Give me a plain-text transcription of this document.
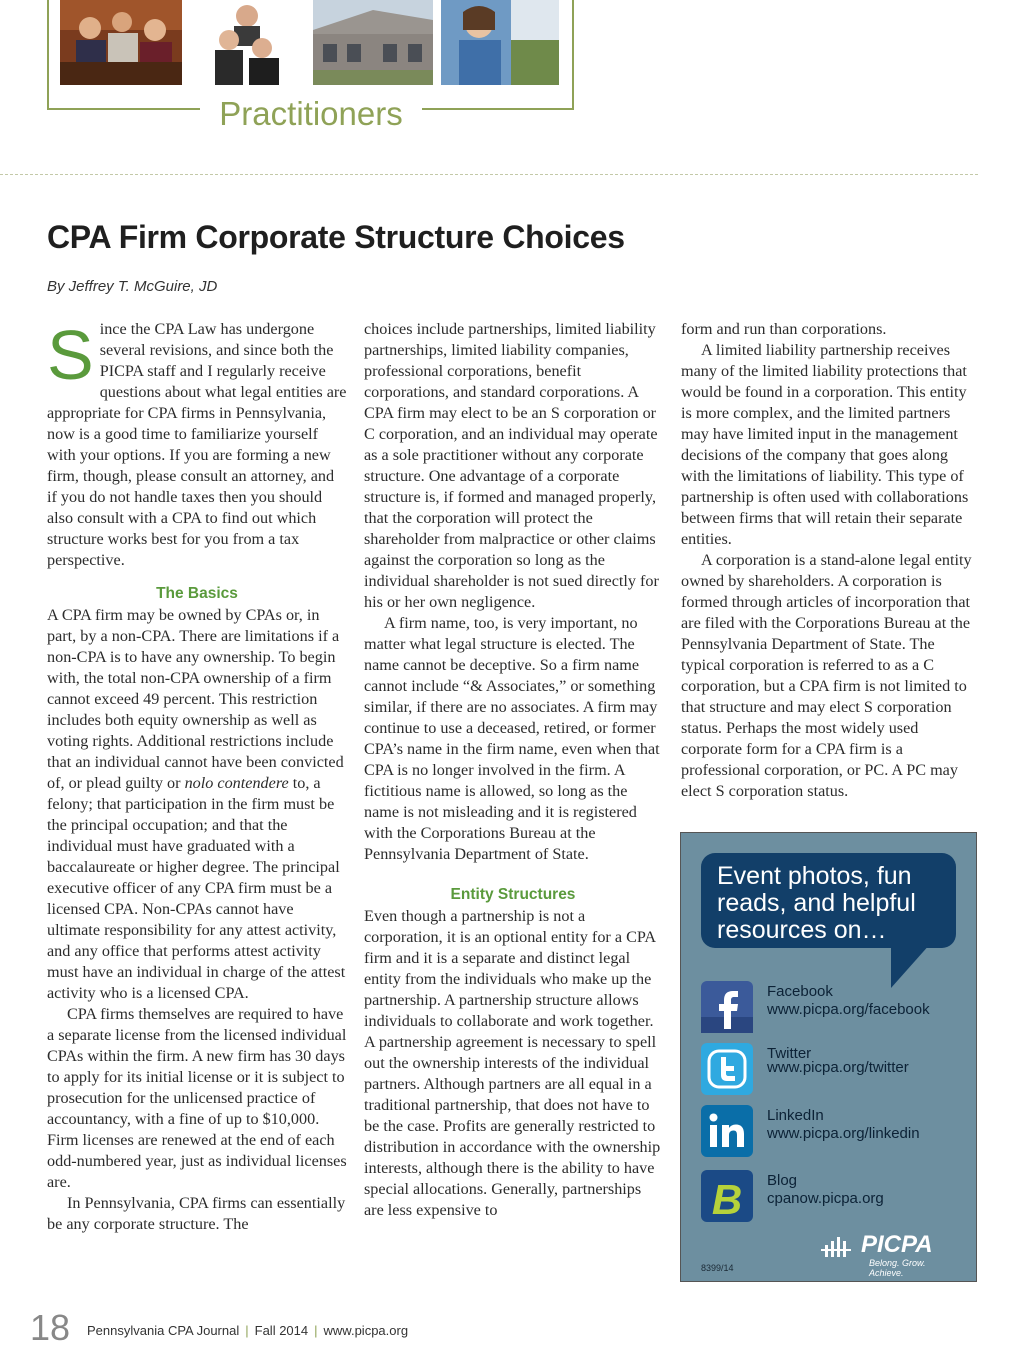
Practitioners
CPA Firm Corporate Structure Choices
By Jeffrey T. McGuire, JD

Since the CPA Law has undergone several revisions, and since both the PICPA staff and I regularly receive questions about what legal entities are appropriate for CPA firms in Pennsylvania, now is a good time to familiarize yourself with your options. If you are forming a new firm, though, please consult an attorney, and if you do not handle taxes then you should also consult with a CPA to find out which structure works best for you from a tax perspective.

The Basics

A CPA firm may be owned by CPAs or, in part, by a non-CPA. There are limitations if a non-CPA is to have any ownership. To begin with, the total non-CPA ownership of a firm cannot exceed 49 percent. This restriction includes both equity ownership as well as voting rights. Additional restrictions include that an individual cannot have been convicted of, or plead guilty or nolo contendere to, a felony; that participation in the firm must be the principal occupation; and that the individual must have graduated with a baccalaureate or higher degree. The principal executive officer of any CPA firm must be a licensed CPA. Non-CPAs cannot have ultimate responsibility for any attest activity, and any office that performs attest activity must have an individual in charge of the attest activity who is a licensed CPA.

CPA firms themselves are required to have a separate license from the licensed individual CPAs within the firm. A new firm has 30 days to apply for its initial license or it is subject to prosecution for the unlicensed practice of accountancy, with a fine of up to $10,000. Firm licenses are renewed at the end of each odd-numbered year, just as individual licenses are.

In Pennsylvania, CPA firms can essentially be any corporate structure. The

choices include partnerships, limited liability partnerships, limited liability companies, professional corporations, benefit corporations, and standard corporations. A CPA firm may elect to be an S corporation or C corporation, and an individual may operate as a sole practitioner without any corporate structure. One advantage of a corporate structure is, if formed and managed properly, that the corporation will protect the shareholder from malpractice or other claims against the corporation so long as the individual shareholder is not sued directly for his or her own negligence.

A firm name, too, is very important, no matter what legal structure is elected. The name cannot be deceptive. So a firm name cannot include “& Associates,” or something similar, if there are no associates. A firm may continue to use a deceased, retired, or former CPA’s name in the firm name, even when that CPA is no longer involved in the firm. A fictitious name is allowed, so long as the name is not misleading and it is registered with the Corporations Bureau at the Pennsylvania Department of State.

Entity Structures

Even though a partnership is not a corporation, it is an optional entity for a CPA firm and it is a separate and distinct legal entity from the individuals who make up the partnership. A partnership structure allows individuals to collaborate and work together. A partnership agreement is necessary to spell out the ownership interests of the individual partners. Although partners are all equal in a traditional partnership, that does not have to be the case. Profits are generally restricted to distribution in accordance with the ownership interests, although there is the ability to have special allocations. Generally, partnerships are less expensive to

form and run than corporations.

A limited liability partnership receives many of the limited liability protections that would be found in a corporation. This entity is more complex, and the limited partners may have limited input in the management decisions of the company that goes along with the limitations of liability. This type of partnership is often used with collaborations between firms that will retain their separate entities.

A corporation is a stand-alone legal entity owned by shareholders. A corporation is formed through articles of incorporation that are filed with the Corporations Bureau at the Pennsylvania Department of State. The typical corporation is referred to as a C corporation, but a CPA firm is not limited to that structure and may elect S corporation status. Perhaps the most widely used corporate form for a CPA firm is a professional corporation, or PC. A PC may elect S corporation status.

Event photos, fun reads, and helpful resources on…
Facebook
www.picpa.org/facebook
Twitter
www.picpa.org/twitter
LinkedIn
www.picpa.org/linkedin
B Blog
cpanow.picpa.org
PICPA
Belong. Grow. Achieve.
8399/14
18 Pennsylvania CPA Journal | Fall 2014 | www.picpa.org
